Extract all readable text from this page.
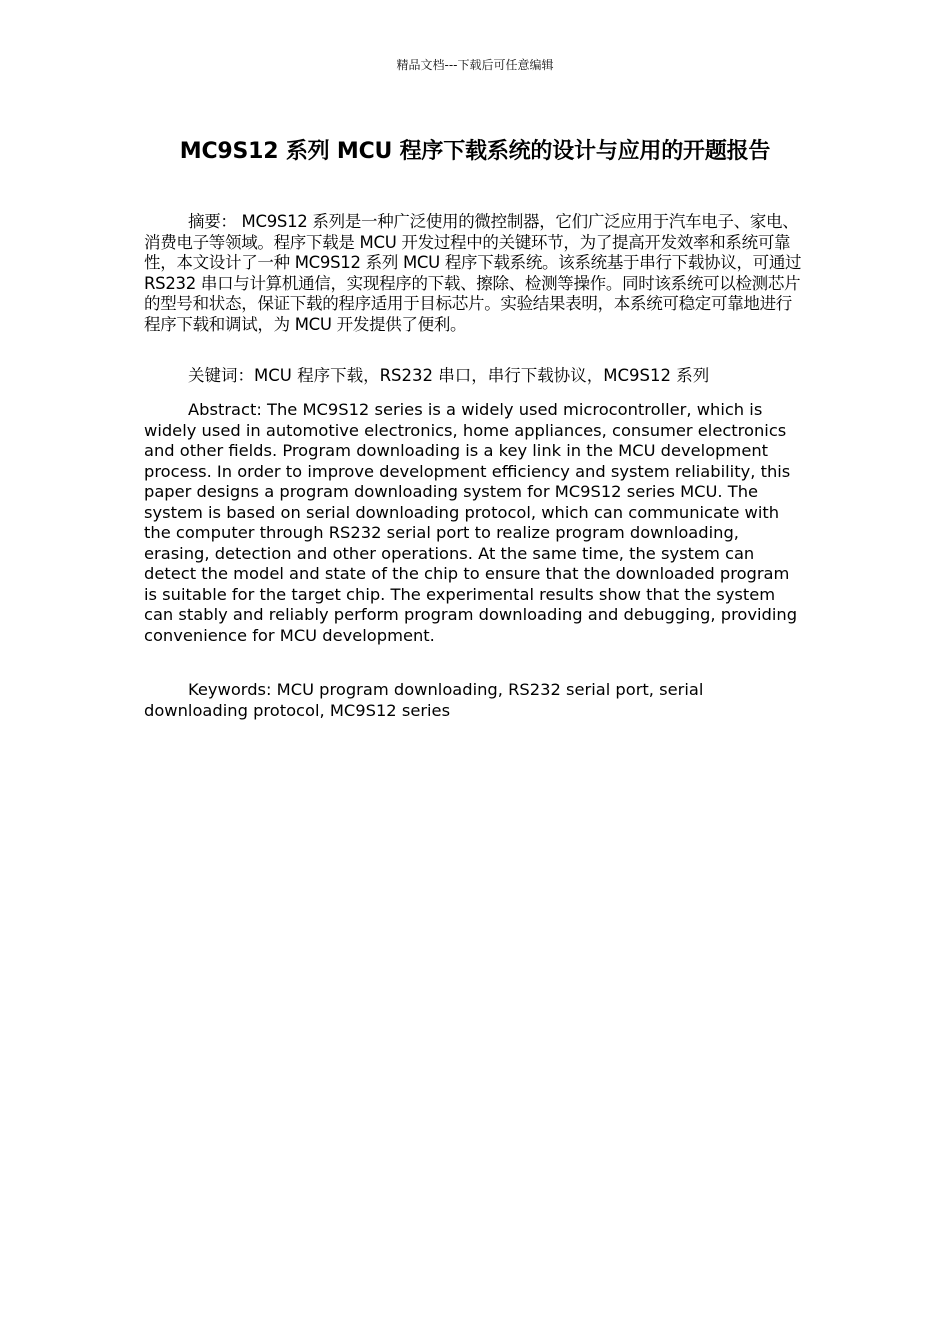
精品文档---下载后可任意编辑
MC9S12 系列 MCU 程序下载系统的设计与应用的开题报告

摘要： MC9S12 系列是一种广泛使用的微控制器，它们广泛应用于汽车电子、家电、消费电子等领域。程序下载是 MCU 开发过程中的关键环节，为了提高开发效率和系统可靠性，本文设计了一种 MC9S12 系列 MCU 程序下载系统。该系统基于串行下载协议，可通过 RS232 串口与计算机通信，实现程序的下载、擦除、检测等操作。同时该系统可以检测芯片的型号和状态，保证下载的程序适用于目标芯片。实验结果表明，本系统可稳定可靠地进行程序下载和调试，为 MCU 开发提供了便利。

关键词：MCU 程序下载，RS232 串口，串行下载协议，MC9S12 系列

Abstract: The MC9S12 series is a widely used microcontroller, which is widely used in automotive electronics, home appliances, consumer electronics and other fields. Program downloading is a key link in the MCU development process. In order to improve development efficiency and system reliability, this paper designs a program downloading system for MC9S12 series MCU. The system is based on serial downloading protocol, which can communicate with the computer through RS232 serial port to realize program downloading, erasing, detection and other operations. At the same time, the system can detect the model and state of the chip to ensure that the downloaded program is suitable for the target chip. The experimental results show that the system can stably and reliably perform program downloading and debugging, providing convenience for MCU development.

Keywords: MCU program downloading, RS232 serial port, serial downloading protocol, MC9S12 series
